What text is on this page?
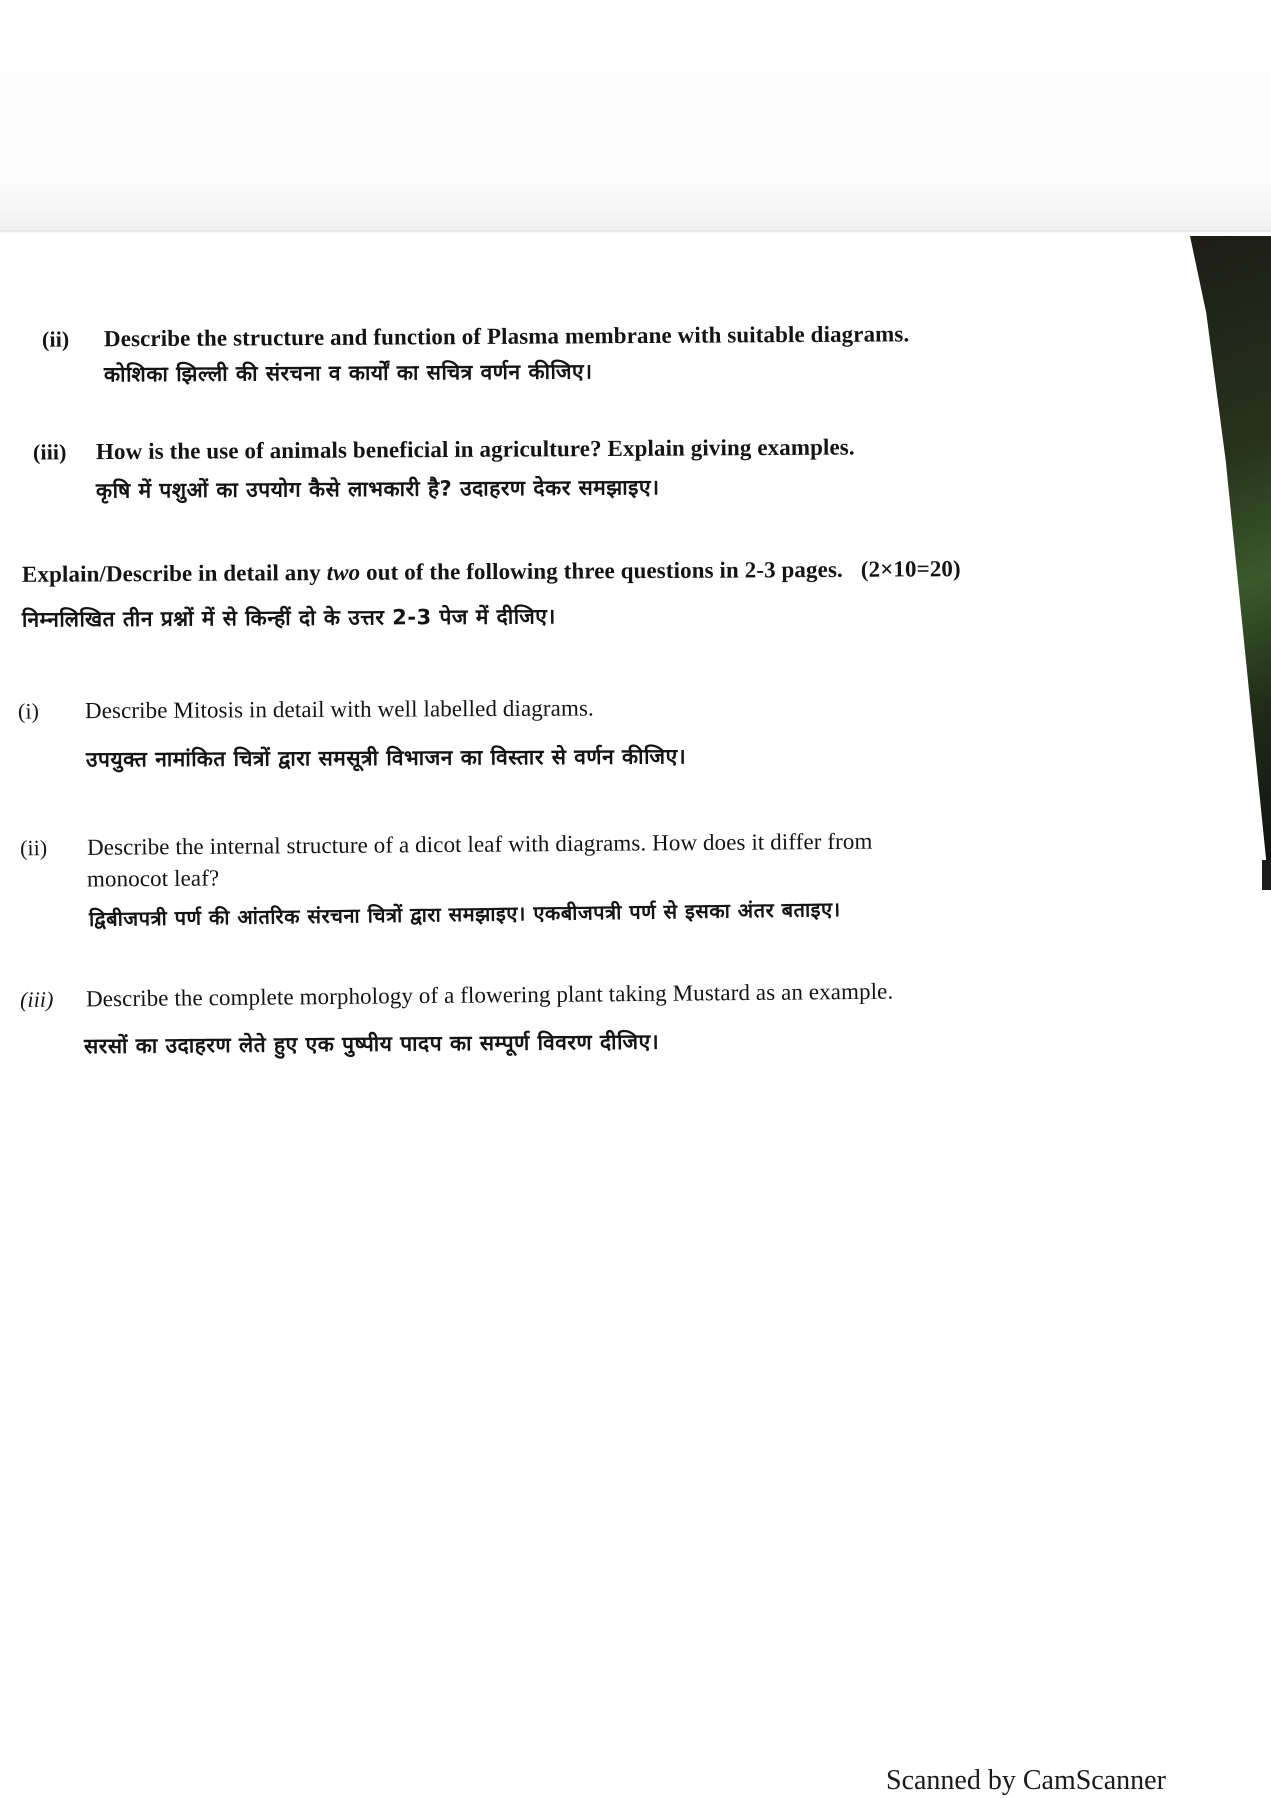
(ii) Describe the structure and function of Plasma membrane with suitable diagrams.
कोशिका झिल्ली की संरचना व कार्यों का सचित्र वर्णन कीजिए।
(iii) How is the use of animals beneficial in agriculture? Explain giving examples.
कृषि में पशुओं का उपयोग कैसे लाभकारी है? उदाहरण देकर समझाइए।
Explain/Describe in detail any two out of the following three questions in 2-3 pages. (2×10=20)
निम्नलिखित तीन प्रश्नों में से किन्हीं दो के उत्तर 2-3 पेज में दीजिए।
(i) Describe Mitosis in detail with well labelled diagrams.
उपयुक्त नामांकित चित्रों द्वारा समसूत्री विभाजन का विस्तार से वर्णन कीजिए।
(ii) Describe the internal structure of a dicot leaf with diagrams. How does it differ from
monocot leaf?
द्विबीजपत्री पर्ण की आंतरिक संरचना चित्रों द्वारा समझाइए। एकबीजपत्री पर्ण से इसका अंतर बताइए।
(iii) Describe the complete morphology of a flowering plant taking Mustard as an example.
सरसों का उदाहरण लेते हुए एक पुष्पीय पादप का सम्पूर्ण विवरण दीजिए।
Scanned by CamScanner
